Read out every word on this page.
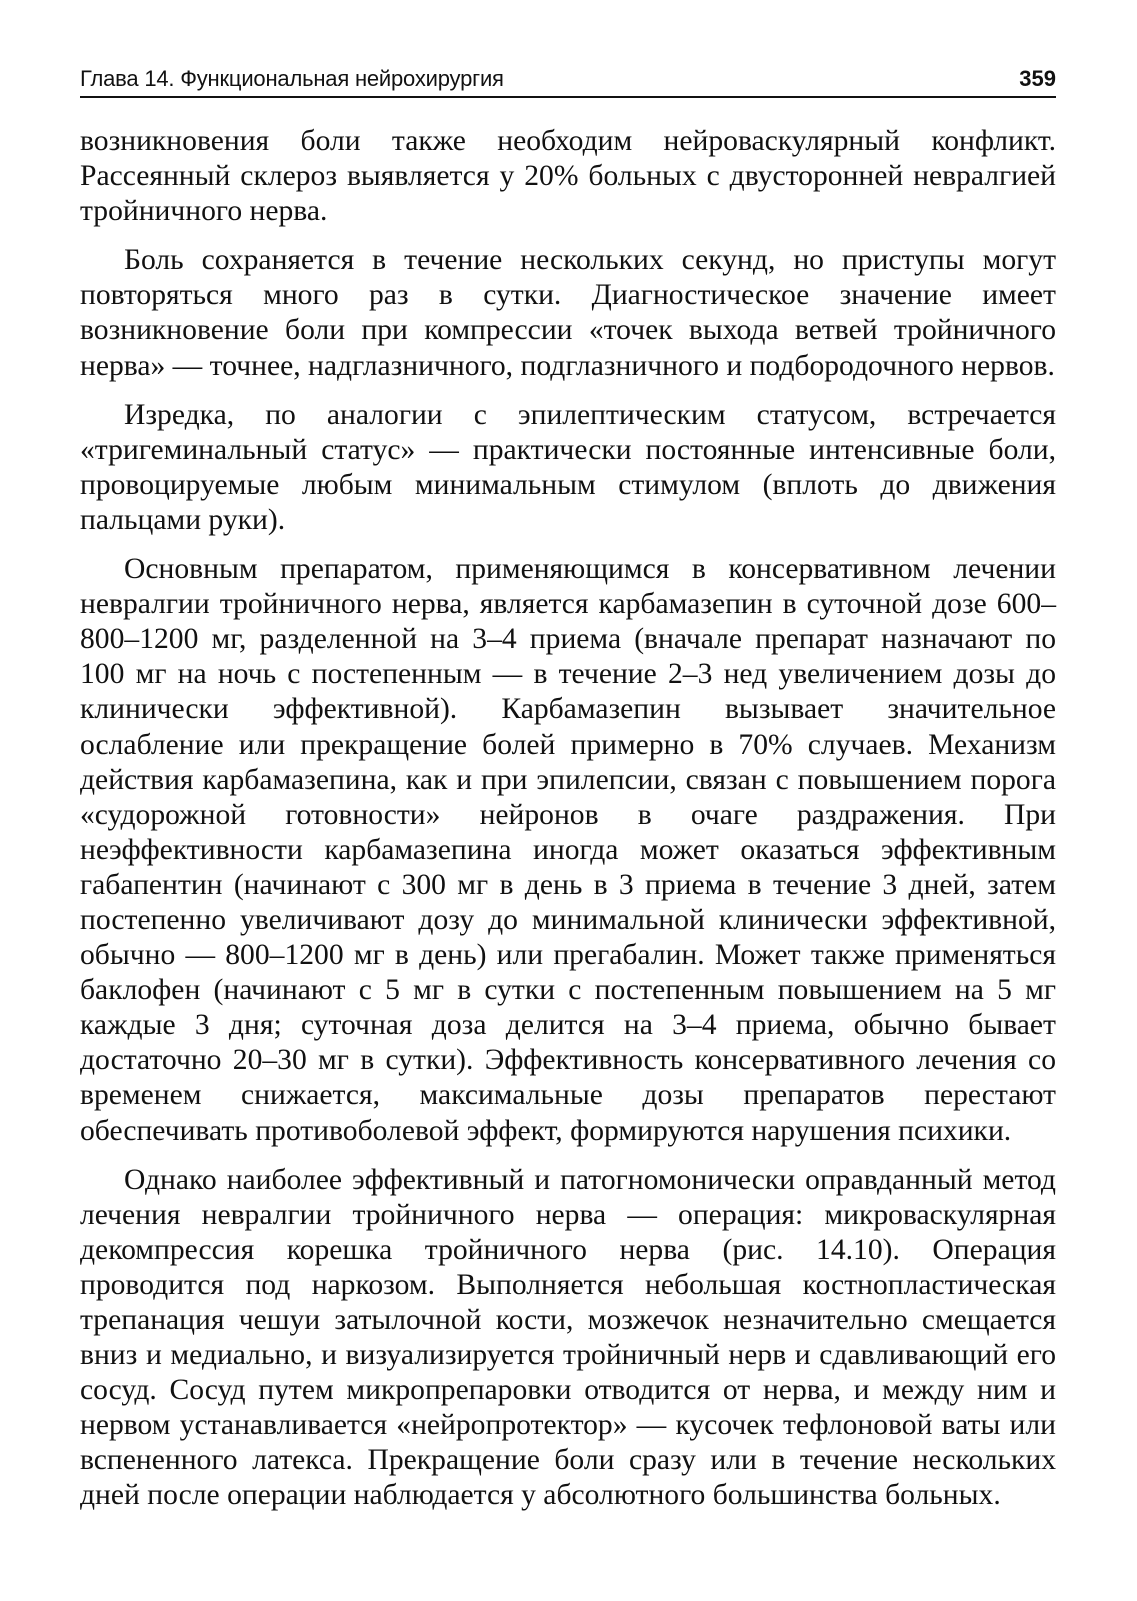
Глава 14. Функциональная нейрохирургия	359

возникновения боли также необходим нейроваскулярный конфликт. Рассеянный склероз выявляется у 20% больных с двусторонней невралгией тройничного нерва.

Боль сохраняется в течение нескольких секунд, но приступы могут повторяться много раз в сутки. Диагностическое значение имеет возникновение боли при компрессии «точек выхода ветвей тройничного нерва» — точнее, надглазничного, подглазничного и подбородочного нервов.

Изредка, по аналогии с эпилептическим статусом, встречается «тригеминальный статус» — практически постоянные интенсивные боли, провоцируемые любым минимальным стимулом (вплоть до движения пальцами руки).

Основным препаратом, применяющимся в консервативном лечении невралгии тройничного нерва, является карбамазепин в суточной дозе 600–800–1200 мг, разделенной на 3–4 приема (вначале препарат назначают по 100 мг на ночь с постепенным — в течение 2–3 нед увеличением дозы до клинически эффективной). Карбамазепин вызывает значительное ослабление или прекращение болей примерно в 70% случаев. Механизм действия карбамазепина, как и при эпилепсии, связан с повышением порога «судорожной готовности» нейронов в очаге раздражения. При неэффективности карбамазепина иногда может оказаться эффективным габапентин (начинают с 300 мг в день в 3 приема в течение 3 дней, затем постепенно увеличивают дозу до минимальной клинически эффективной, обычно — 800–1200 мг в день) или прегабалин. Может также применяться баклофен (начинают с 5 мг в сутки с постепенным повышением на 5 мг каждые 3 дня; суточная доза делится на 3–4 приема, обычно бывает достаточно 20–30 мг в сутки). Эффективность консервативного лечения со временем снижается, максимальные дозы препаратов перестают обеспечивать противоболевой эффект, формируются нарушения психики.

Однако наиболее эффективный и патогномонически оправданный метод лечения невралгии тройничного нерва — операция: микроваскулярная декомпрессия корешка тройничного нерва (рис. 14.10). Операция проводится под наркозом. Выполняется небольшая костнопластическая трепанация чешуи затылочной кости, мозжечок незначительно смещается вниз и медиально, и визуализируется тройничный нерв и сдавливающий его сосуд. Сосуд путем микропрепаровки отводится от нерва, и между ним и нервом устанавливается «нейропротектор» — кусочек тефлоновой ваты или вспененного латекса. Прекращение боли сразу или в течение нескольких дней после операции наблюдается у абсолютного большинства больных.
